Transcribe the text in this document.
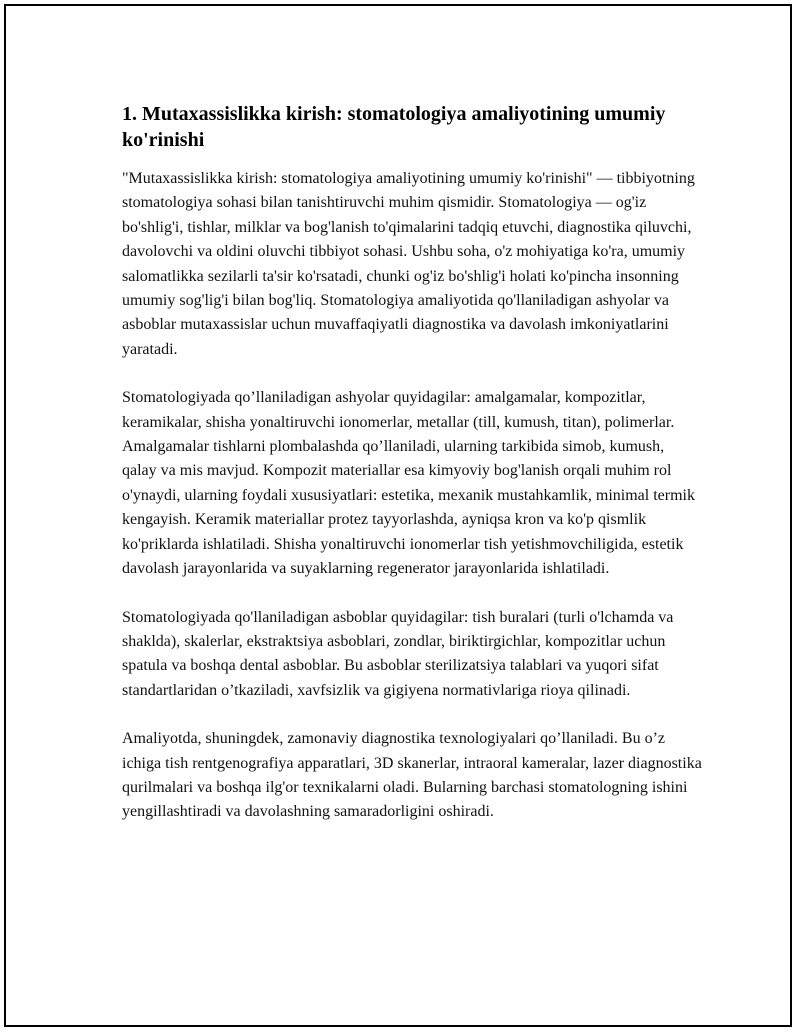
1. Mutaxassislikka kirish: stomatologiya amaliyotining umumiy ko'rinishi

"Mutaxassislikka kirish: stomatologiya amaliyotining umumiy ko'rinishi" — tibbiyotning stomatologiya sohasi bilan tanishtiruvchi muhim qismidir. Stomatologiya — og'iz bo'shlig'i, tishlar, milklar va bog'lanish to'qimalarini tadqiq etuvchi, diagnostika qiluvchi, davolovchi va oldini oluvchi tibbiyot sohasi. Ushbu soha, o'z mohiyatiga ko'ra, umumiy salomatlikka sezilarli ta'sir ko'rsatadi, chunki og'iz bo'shlig'i holati ko'pincha insonning umumiy sog'lig'i bilan bog'liq. Stomatologiya amaliyotida qo'llaniladigan ashyolar va asboblar mutaxassislar uchun muvaffaqiyatli diagnostika va davolash imkoniyatlarini yaratadi.

Stomatologiyada qo’llaniladigan ashyolar quyidagilar: amalgamalar, kompozitlar, keramikalar, shisha yonaltiruvchi ionomerlar, metallar (till, kumush, titan), polimerlar. Amalgamalar tishlarni plombalashda qo’llaniladi, ularning tarkibida simob, kumush, qalay va mis mavjud. Kompozit materiallar esa kimyoviy bog'lanish orqali muhim rol o'ynaydi, ularning foydali xususiyatlari: estetika, mexanik mustahkamlik, minimal termik kengayish. Keramik materiallar protez tayyorlashda, ayniqsa kron va ko'p qismlik ko'priklarda ishlatiladi. Shisha yonaltiruvchi ionomerlar tish yetishmovchiligida, estetik davolash jarayonlarida va suyaklarning regenerator jarayonlarida ishlatiladi.

Stomatologiyada qo'llaniladigan asboblar quyidagilar: tish buralari (turli o'lchamda va shaklda), skalerlar, ekstraktsiya asboblari, zondlar, biriktirgichlar, kompozitlar uchun spatula va boshqa dental asboblar. Bu asboblar sterilizatsiya talablari va yuqori sifat standartlaridan o’tkaziladi, xavfsizlik va gigiyena normativlariga rioya qilinadi.

Amaliyotda, shuningdek, zamonaviy diagnostika texnologiyalari qo’llaniladi. Bu o’z ichiga tish rentgenografiya apparatlari, 3D skanerlar, intraoral kameralar, lazer diagnostika qurilmalari va boshqa ilg'or texnikalarni oladi. Bularning barchasi stomatologning ishini yengillashtiradi va davolashning samaradorligini oshiradi.
